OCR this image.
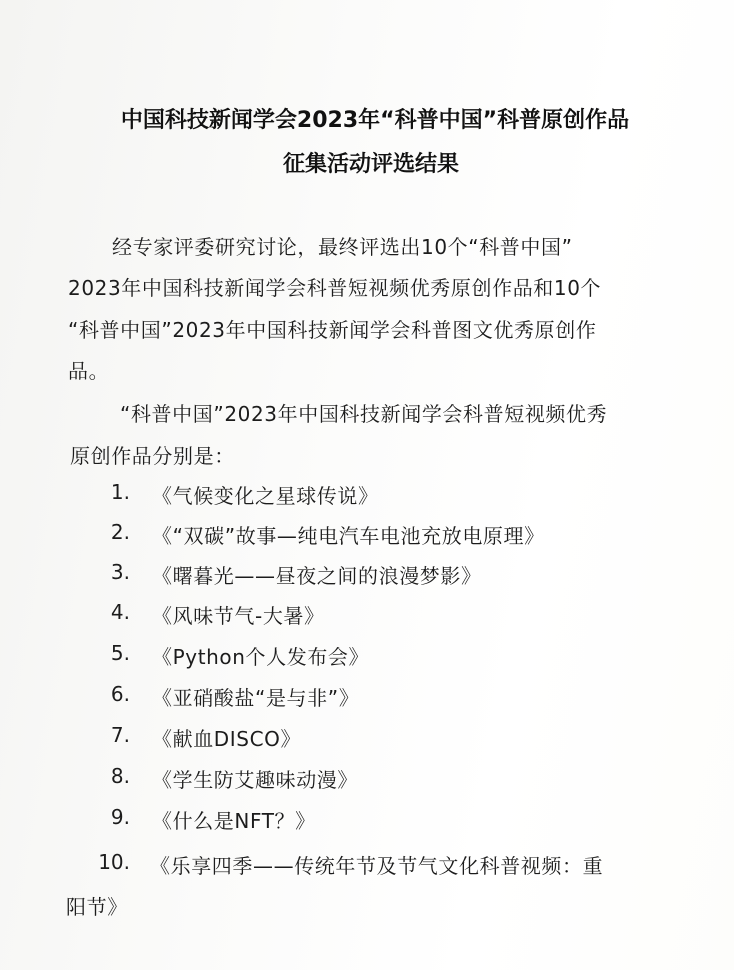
中国科技新闻学会2023年“科普中国”科普原创作品
征集活动评选结果
经专家评委研究讨论，最终评选出10个“科普中国”
2023年中国科技新闻学会科普短视频优秀原创作品和10个
“科普中国”2023年中国科技新闻学会科普图文优秀原创作
品。
“科普中国”2023年中国科技新闻学会科普短视频优秀
原创作品分别是：
1. 《气候变化之星球传说》
2. 《“双碳”故事—纯电汽车电池充放电原理》
3. 《曙暮光——昼夜之间的浪漫梦影》
4. 《风味节气-大暑》
5. 《Python个人发布会》
6. 《亚硝酸盐“是与非”》
7. 《献血DISCO》
8. 《学生防艾趣味动漫》
9. 《什么是NFT？》
10. 《乐享四季——传统年节及节气文化科普视频：重
阳节》
